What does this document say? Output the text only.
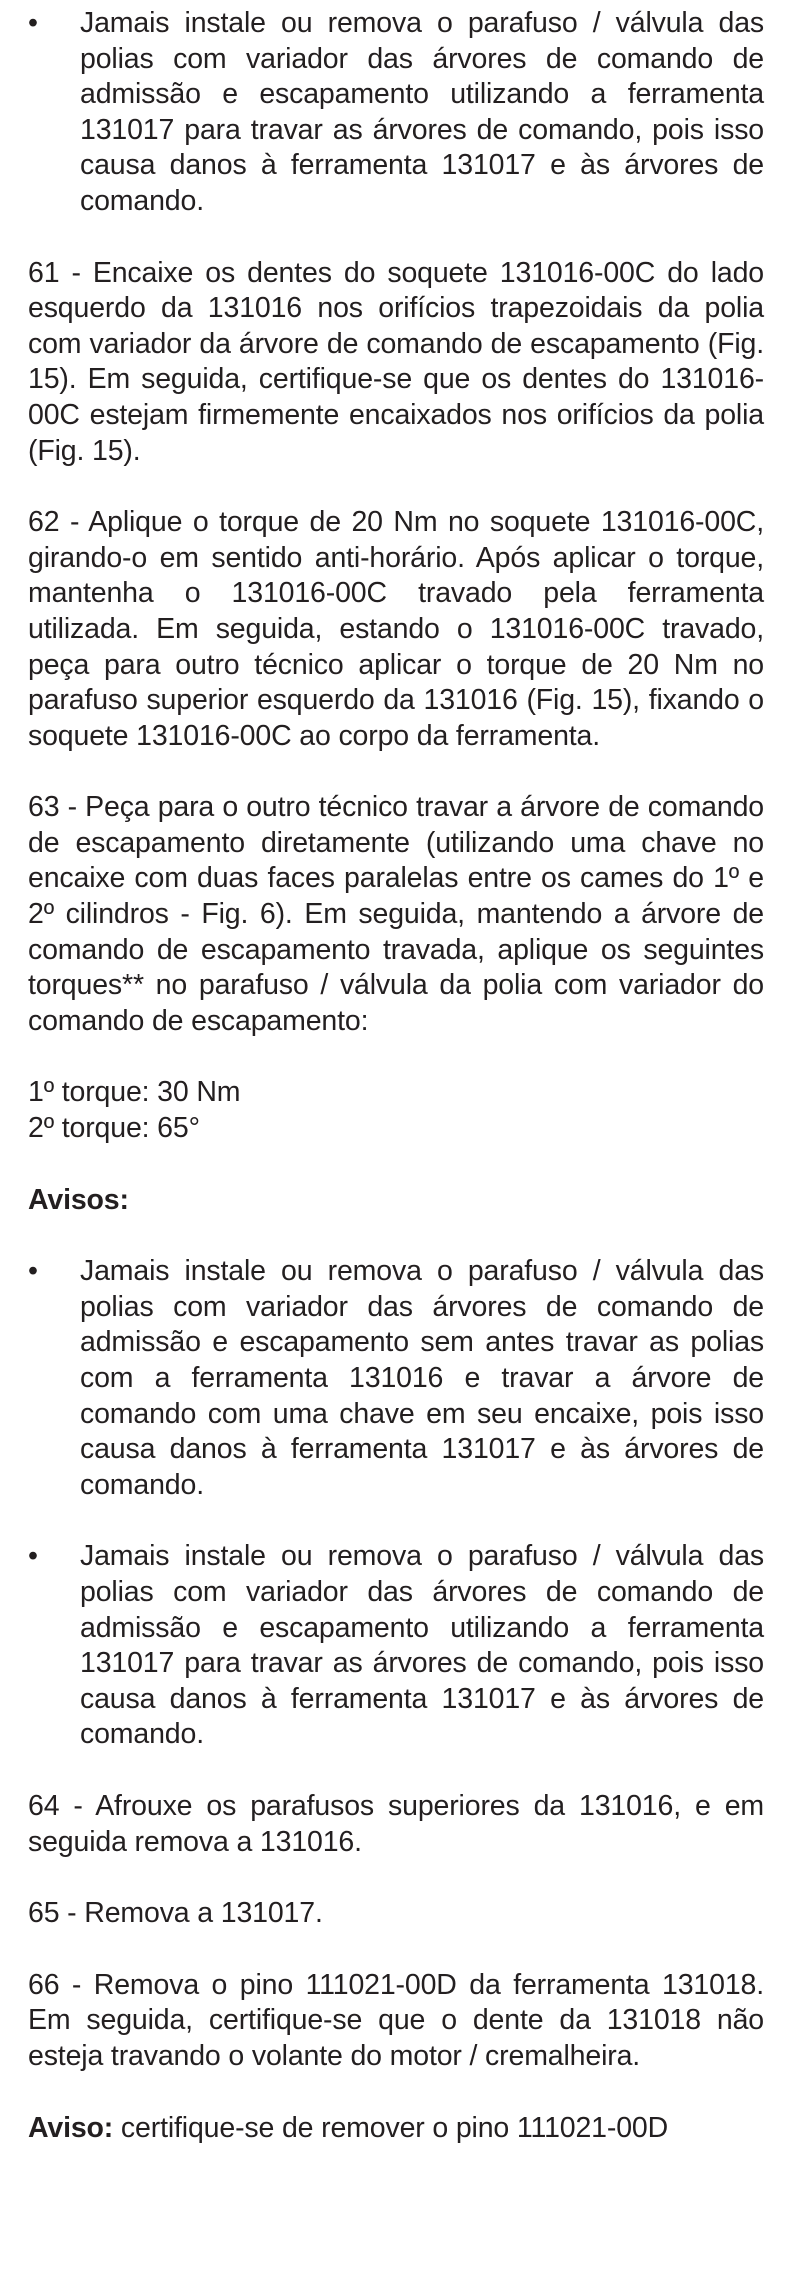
•	Jamais instale ou remova o parafuso / válvula das polias com variador das árvores de comando de admissão e escapamento utilizando a ferramenta 131017 para travar as árvores de comando, pois isso causa danos à ferramenta 131017 e às árvores de comando.
61 - Encaixe os dentes do soquete 131016-00C do lado esquerdo da 131016 nos orifícios trapezoidais da polia com variador da árvore de comando de escapamento (Fig. 15). Em seguida, certifique-se que os dentes do 131016-00C estejam firmemente encaixados nos orifícios da polia (Fig. 15).
62 - Aplique o torque de 20 Nm no soquete 131016-00C, girando-o em sentido anti-horário. Após aplicar o torque, mantenha o 131016-00C travado pela ferramenta utilizada. Em seguida, estando o 131016-00C travado, peça para outro técnico aplicar o torque de 20 Nm no parafuso superior esquerdo da 131016 (Fig. 15), fixando o soquete 131016-00C ao corpo da ferramenta.
63 - Peça para o outro técnico travar a árvore de comando de escapamento diretamente (utilizando uma chave no encaixe com duas faces paralelas entre os cames do 1º e 2º cilindros - Fig. 6). Em seguida, mantendo a árvore de comando de escapamento travada, aplique os seguintes torques** no parafuso / válvula da polia com variador do comando de escapamento:
1º torque: 30 Nm
2º torque: 65°
Avisos:
•	Jamais instale ou remova o parafuso / válvula das polias com variador das árvores de comando de admissão e escapamento sem antes travar as polias com a ferramenta 131016 e travar a árvore de comando com uma chave em seu encaixe, pois isso causa danos à ferramenta 131017 e às árvores de comando.
•	Jamais instale ou remova o parafuso / válvula das polias com variador das árvores de comando de admissão e escapamento utilizando a ferramenta 131017 para travar as árvores de comando, pois isso causa danos à ferramenta 131017 e às árvores de comando.
64 - Afrouxe os parafusos superiores da 131016, e em seguida remova a 131016.
65 - Remova a 131017.
66 - Remova o pino 111021-00D da ferramenta 131018. Em seguida, certifique-se que o dente da 131018 não esteja travando o volante do motor / cremalheira.
Aviso: certifique-se de remover o pino 111021-00D
